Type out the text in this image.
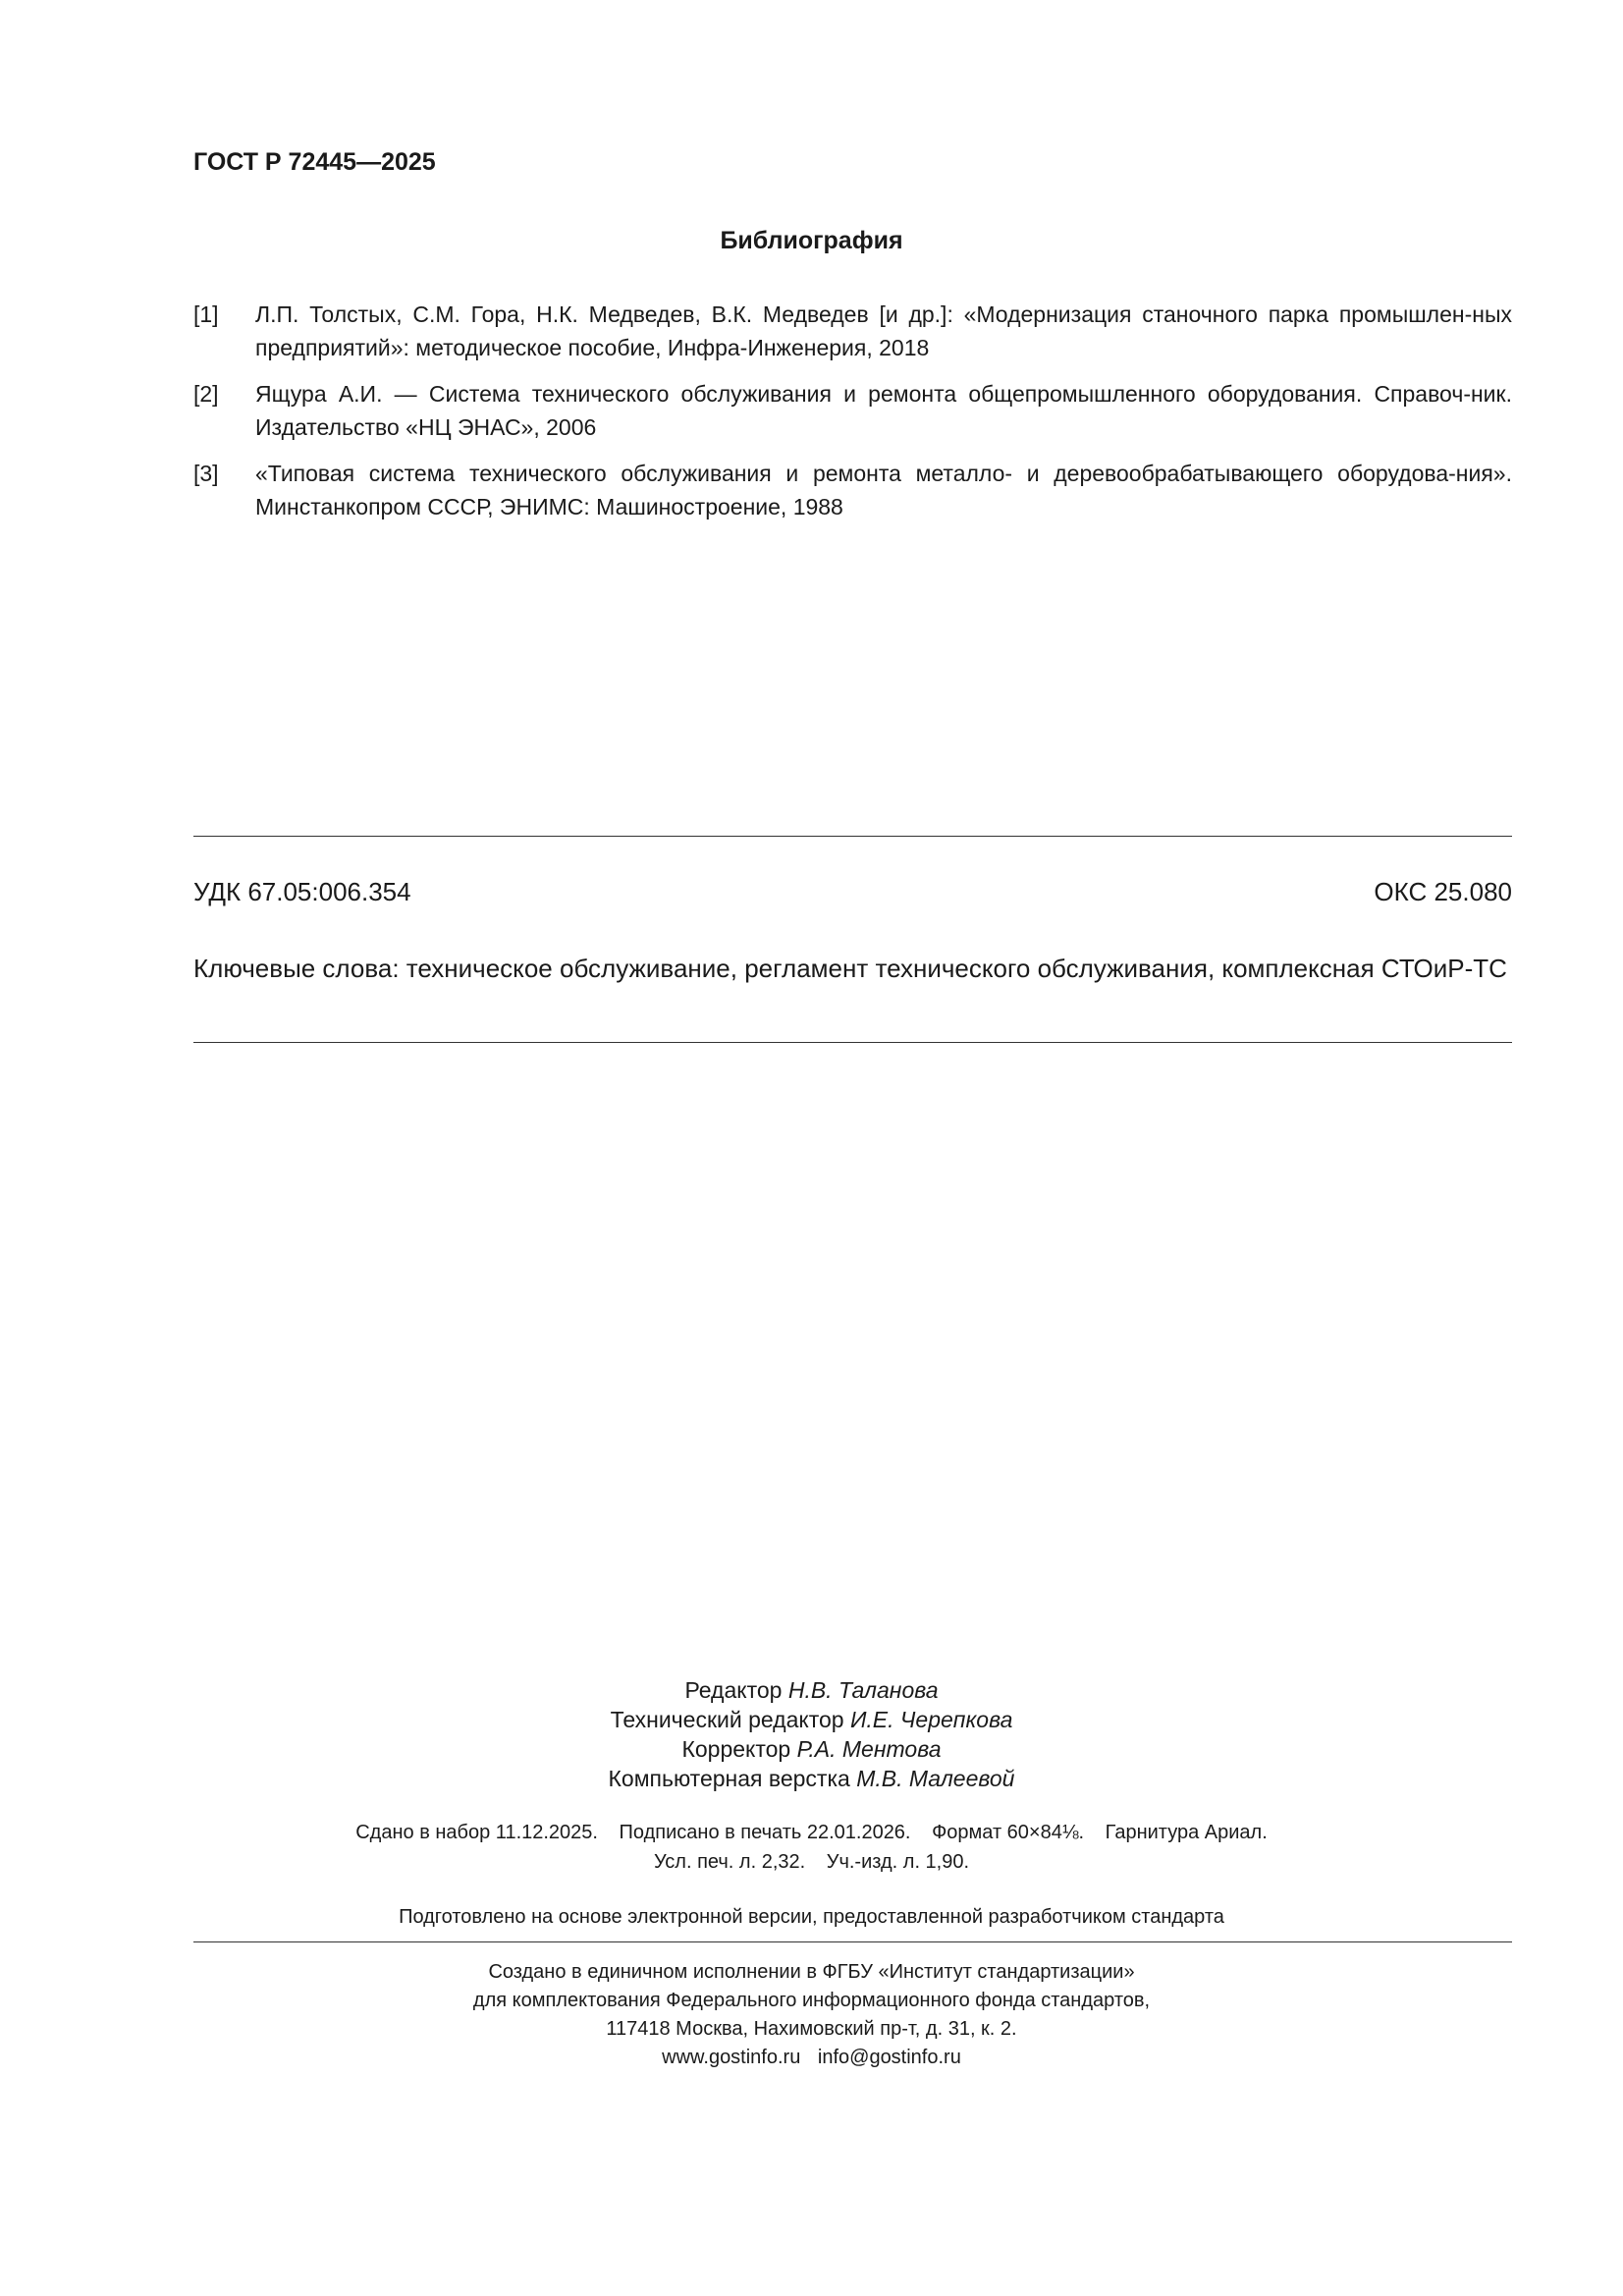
ГОСТ Р 72445—2025
Библиография
[1] Л.П. Толстых, С.М. Гора, Н.К. Медведев, В.К. Медведев [и др.]: «Модернизация станочного парка промышлен-ных предприятий»: методическое пособие, Инфра-Инженерия, 2018
[2] Ящура А.И. — Система технического обслуживания и ремонта общепромышленного оборудования. Справоч-ник. Издательство «НЦ ЭНАС», 2006
[3] «Типовая система технического обслуживания и ремонта металло- и деревообрабатывающего оборудова-ния». Минстанкопром СССР, ЭНИМС: Машиностроение, 1988
УДК 67.05:006.354	ОКС 25.080
Ключевые слова: техническое обслуживание, регламент технического обслуживания, комплексная СТОиР-ТС
Редактор Н.В. Таланова
Технический редактор И.Е. Черепкова
Корректор Р.А. Ментова
Компьютерная верстка М.В. Малеевой
Сдано в набор 11.12.2025. Подписано в печать 22.01.2026. Формат 60×84⅛. Гарнитура Ариал.
Усл. печ. л. 2,32. Уч.-изд. л. 1,90.
Подготовлено на основе электронной версии, предоставленной разработчиком стандарта
Создано в единичном исполнении в ФГБУ «Институт стандартизации»
для комплектования Федерального информационного фонда стандартов,
117418 Москва, Нахимовский пр-т, д. 31, к. 2.
www.gostinfo.ru info@gostinfo.ru
